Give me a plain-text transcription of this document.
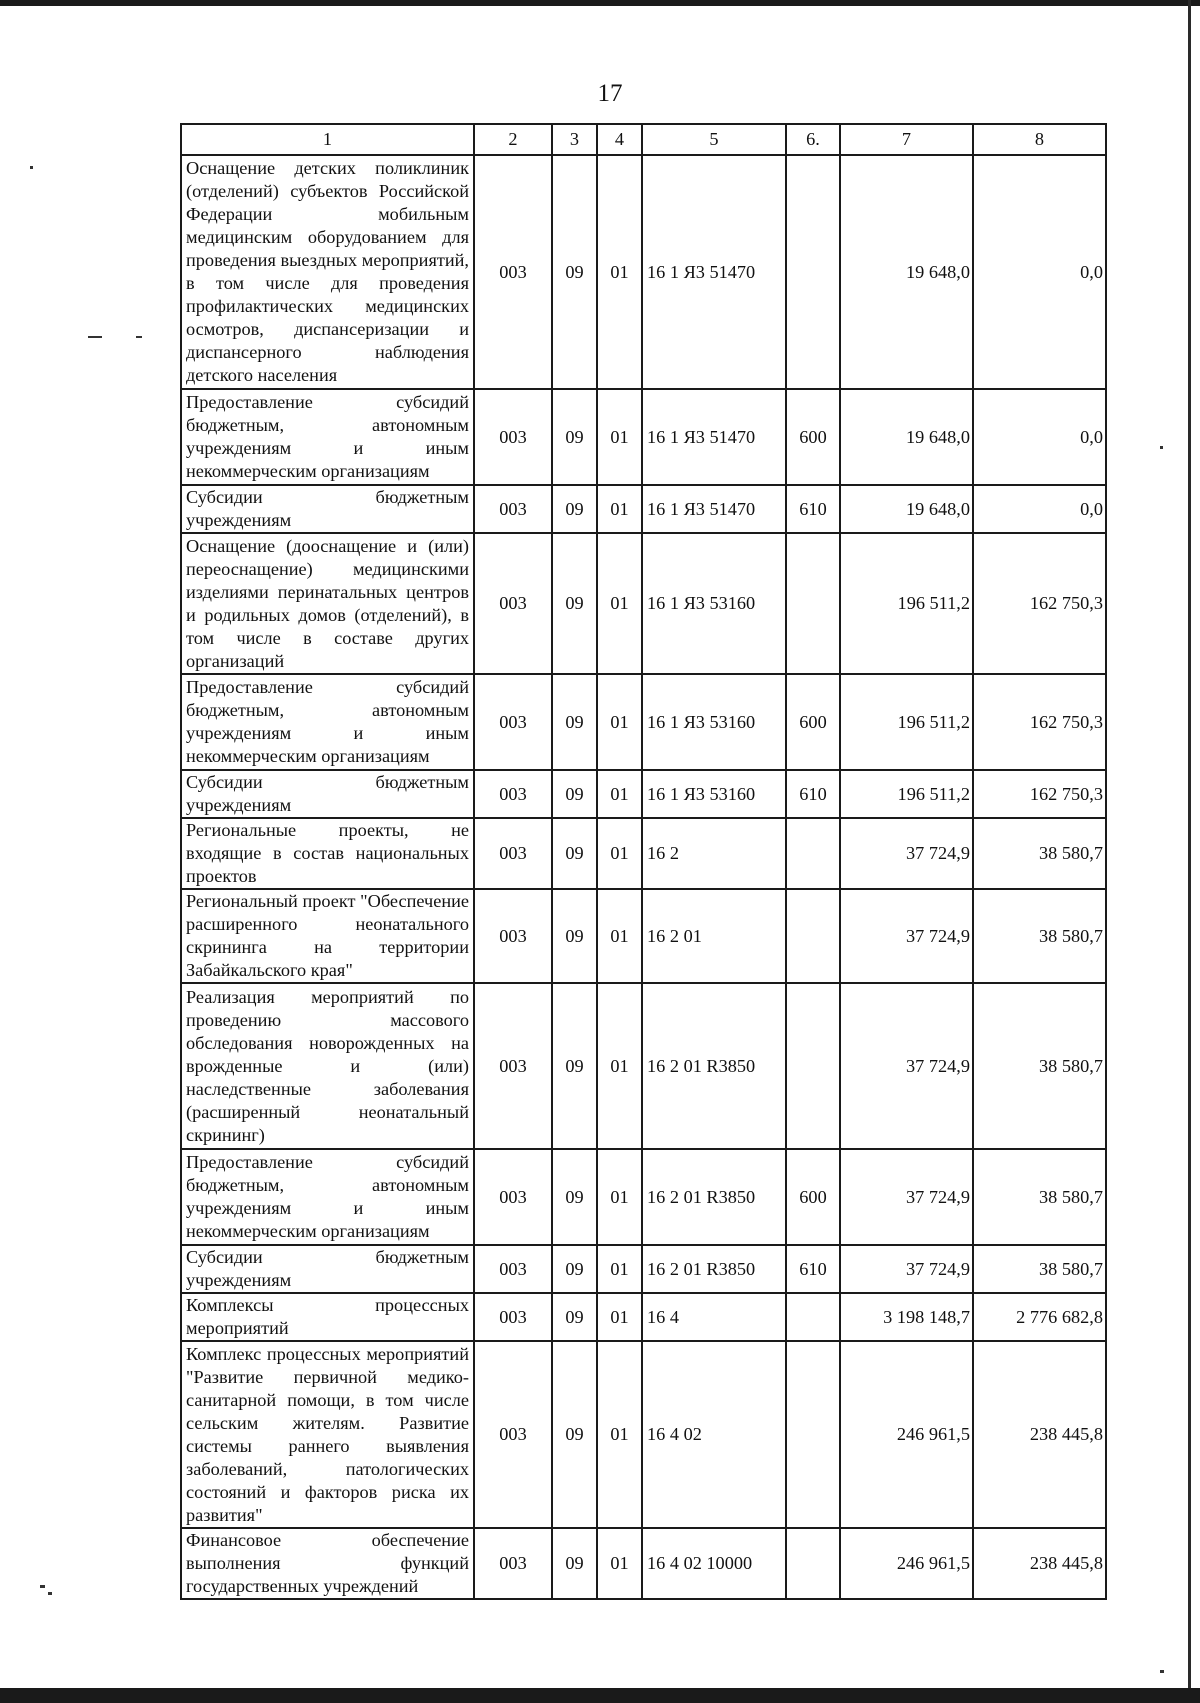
17
1	2	3	4	5	6.	7	8
Оснащение детских поликлиник (отделений) субъектов Российской Федерации мобильным медицинским оборудованием для проведения выездных мероприятий, в том числе для проведения профилактических медицинских осмотров, диспансеризации и диспансерного наблюдения детского населения	003	09	01	16 1 Я3 51470		19 648,0	0,0
Предоставление субсидий бюджетным, автономным учреждениям и иным некоммерческим организациям	003	09	01	16 1 Я3 51470	600	19 648,0	0,0
Субсидии бюджетным учреждениям	003	09	01	16 1 Я3 51470	610	19 648,0	0,0
Оснащение (дооснащение и (или) переоснащение) медицинскими изделиями перинатальных центров и родильных домов (отделений), в том числе в составе других организаций	003	09	01	16 1 Я3 53160		196 511,2	162 750,3
Предоставление субсидий бюджетным, автономным учреждениям и иным некоммерческим организациям	003	09	01	16 1 Я3 53160	600	196 511,2	162 750,3
Субсидии бюджетным учреждениям	003	09	01	16 1 Я3 53160	610	196 511,2	162 750,3
Региональные проекты, не входящие в состав национальных проектов	003	09	01	16 2		37 724,9	38 580,7
Региональный проект "Обеспечение расширенного неонатального скрининга на территории Забайкальского края"	003	09	01	16 2 01		37 724,9	38 580,7
Реализация мероприятий по проведению массового обследования новорожденных на врожденные и (или) наследственные заболевания (расширенный неонатальный скрининг)	003	09	01	16 2 01 R3850		37 724,9	38 580,7
Предоставление субсидий бюджетным, автономным учреждениям и иным некоммерческим организациям	003	09	01	16 2 01 R3850	600	37 724,9	38 580,7
Субсидии бюджетным учреждениям	003	09	01	16 2 01 R3850	610	37 724,9	38 580,7
Комплексы процессных мероприятий	003	09	01	16 4		3 198 148,7	2 776 682,8
Комплекс процессных мероприятий "Развитие первичной медико-санитарной помощи, в том числе сельским жителям. Развитие системы раннего выявления заболеваний, патологических состояний и факторов риска их развития"	003	09	01	16 4 02		246 961,5	238 445,8
Финансовое обеспечение выполнения функций государственных учреждений	003	09	01	16 4 02 10000		246 961,5	238 445,8
